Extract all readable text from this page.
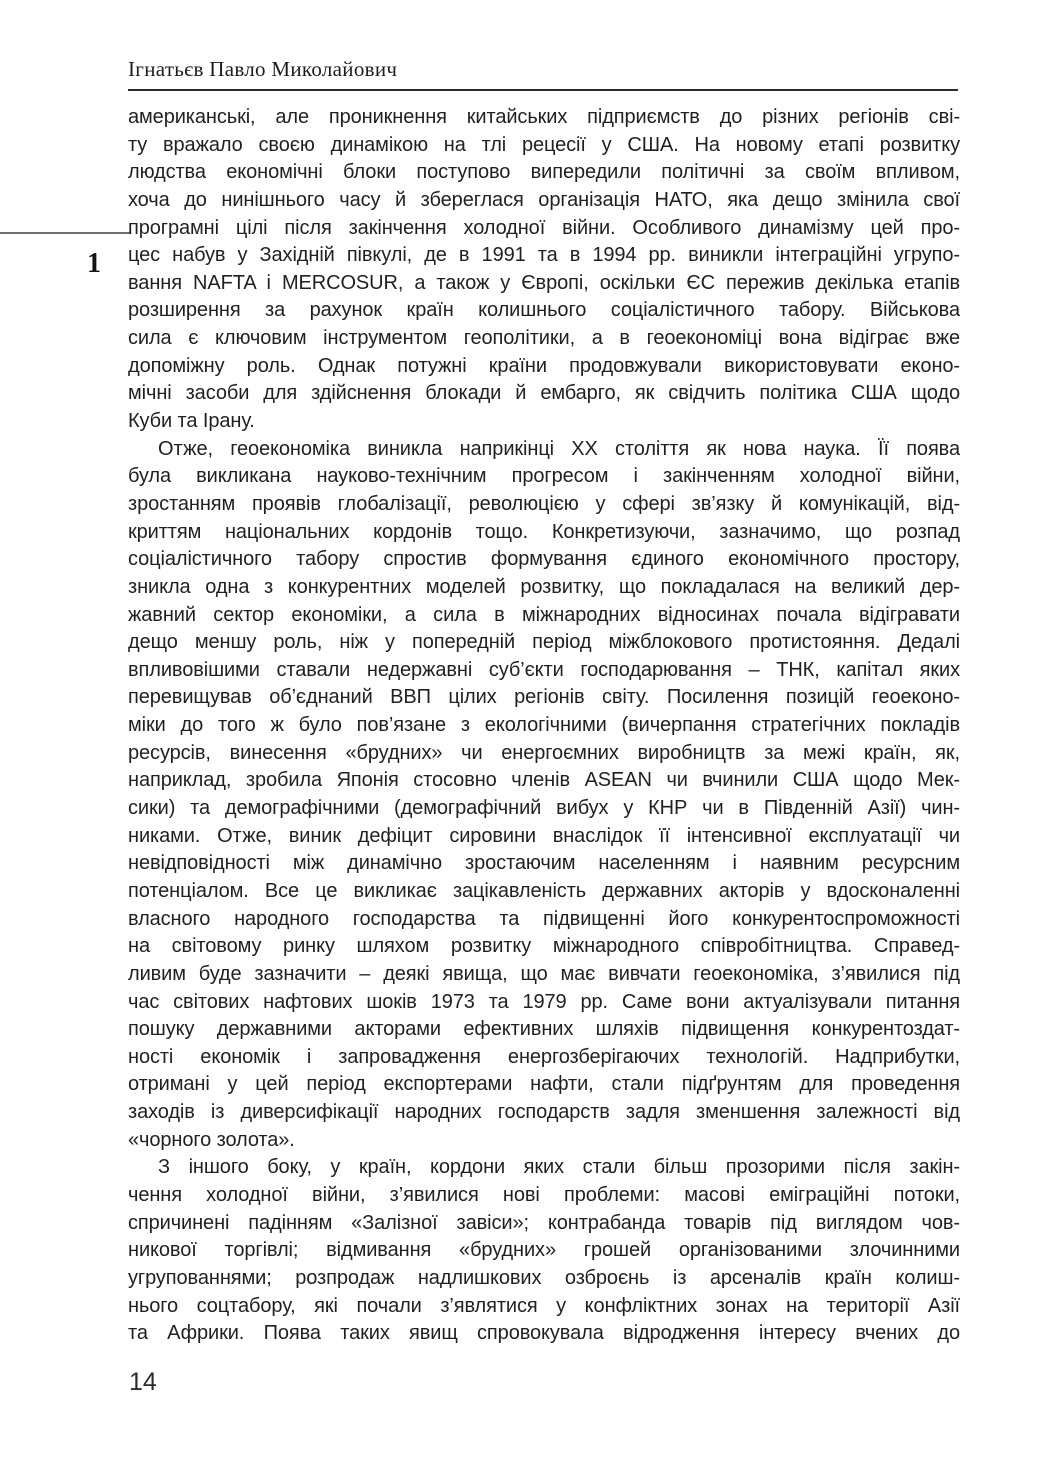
Ігнатьєв Павло Миколайович
1
американські, але проникнення китайських підприємств до різних регіонів сві-
ту вражало своєю динамікою на тлі рецесії у США. На новому етапі розвитку
людства економічні блоки поступово випередили політичні за своїм впливом,
хоча до нинішнього часу й збереглася організація НАТО, яка дещо змінила свої
програмні цілі після закінчення холодної війни. Особливого динамізму цей про-
цес набув у Західній півкулі, де в 1991 та в 1994 рр. виникли інтеграційні угрупо-
вання NAFTA і MERCOSUR, а також у Європі, оскільки ЄС пережив декілька етапів
розширення за рахунок країн колишнього соціалістичного табору. Військова
сила є ключовим інструментом геополітики, а в геоекономіці вона відіграє вже
допоміжну роль. Однак потужні країни продовжували використовувати еконо-
мічні засоби для здійснення блокади й ембарго, як свідчить політика США щодо
Куби та Ірану.
Отже, геоекономіка виникла наприкінці ХХ століття як нова наука. Її поява
була викликана науково-технічним прогресом і закінченням холодної війни,
зростанням проявів глобалізації, революцією у сфері зв’язку й комунікацій, від-
криттям національних кордонів тощо. Конкретизуючи, зазначимо, що розпад
соціалістичного табору спростив формування єдиного економічного простору,
зникла одна з конкурентних моделей розвитку, що покладалася на великий дер-
жавний сектор економіки, а сила в міжнародних відносинах почала відігравати
дещо меншу роль, ніж у попередній період міжблокового протистояння. Дедалі
впливовішими ставали недержавні суб’єкти господарювання – ТНК, капітал яких
перевищував об’єднаний ВВП цілих регіонів світу. Посилення позицій геоеконо-
міки до того ж було пов’язане з екологічними (вичерпання стратегічних покладів
ресурсів, винесення «брудних» чи енергоємних виробництв за межі країн, як,
наприклад, зробила Японія стосовно членів ASEAN чи вчинили США щодо Мек-
сики) та демографічними (демографічний вибух у КНР чи в Південній Азії) чин-
никами. Отже, виник дефіцит сировини внаслідок її інтенсивної експлуатації чи
невідповідності між динамічно зростаючим населенням і наявним ресурсним
потенціалом. Все це викликає зацікавленість державних акторів у вдосконаленні
власного народного господарства та підвищенні його конкурентоспроможності
на світовому ринку шляхом розвитку міжнародного співробітництва. Справед-
ливим буде зазначити – деякі явища, що має вивчати геоекономіка, з’явилися під
час світових нафтових шоків 1973 та 1979 рр. Саме вони актуалізували питання
пошуку державними акторами ефективних шляхів підвищення конкурентоздат-
ності економік і запровадження енергозберігаючих технологій. Надприбутки,
отримані у цей період експортерами нафти, стали підґрунтям для проведення
заходів із диверсифікації народних господарств задля зменшення залежності від
«чорного золота».
З іншого боку, у країн, кордони яких стали більш прозорими після закін-
чення холодної війни, з’явилися нові проблеми: масові еміграційні потоки,
спричинені падінням «Залізної завіси»; контрабанда товарів під виглядом чов-
никової торгівлі; відмивання «брудних» грошей організованими злочинними
угрупованнями; розпродаж надлишкових озброєнь із арсеналів країн колиш-
нього соцтабору, які почали з’являтися у конфліктних зонах на території Азії
та Африки. Поява таких явищ спровокувала відродження інтересу вчених до
14
